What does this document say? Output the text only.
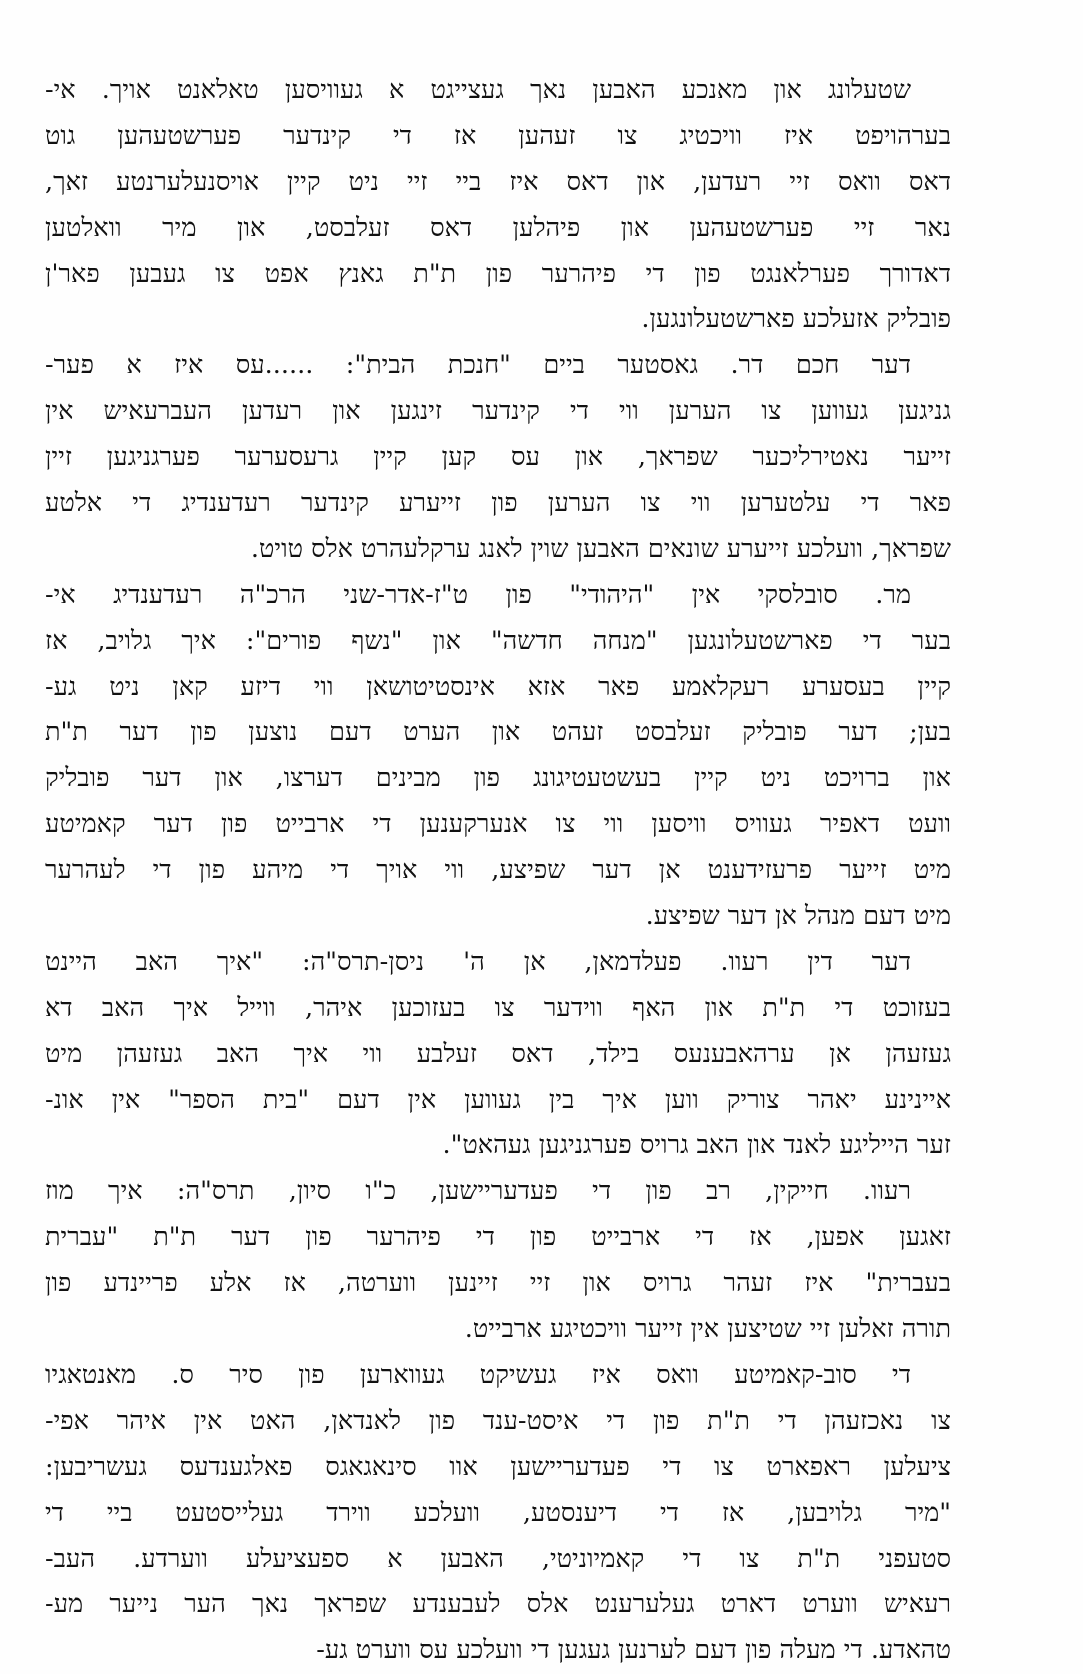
שטעלונג און מאנכע האבען נאך געצייגט א געוויסען טאלאנט אויך. אי-
בערהויפט איז וויכטיג צו זעהען אז די קינדער פערשטעהען גוט
דאס וואס זיי רעדען, און דאס איז ביי זיי ניט קיין אויסנעלערנטע זאך,
נאר זיי פערשטעהען און פיהלען דאס זעלבסט, און מיר וואלטען
דאדורך פערלאנגט פון די פיהרער פון ת"ת גאנץ אפט צו געבען פאר'ן
פובליק אזעלכע פארשטעלונגען.
דער חכם דר. גאסטער ביים "חנכת הבית": ......עס איז א פער-
גניגען געווען צו הערען ווי די קינדער זינגען און רעדען העברעאיש אין
זייער נאטירליכער שפראך, און עס קען קיין גרעסערער פערגניגען זיין
פאר די עלטערען ווי צו הערען פון זייערע קינדער רעדענדיג די אלטע
שפראך, וועלכע זייערע שונאים האבען שוין לאנג ערקלעהרט אלס טויט.
מר. סובלסקי אין "היהודי" פון ט"ז-אדר-שני הרכ"ה רעדענדיג אי-
בער די פארשטעלונגען "מנחה חדשה" און "נשף פורים": איך גלויב, אז
קיין בעסערע רעקלאמע פאר אזא אינסטיטושאן ווי דיזע קאן ניט גע-
בען; דער פובליק זעלבסט זעהט און הערט דעם נוצען פון דער ת"ת
און ברויכט ניט קיין בעשטעטיגונג פון מבינים דערצו, און דער פובליק
וועט דאפיר געוויס וויסען ווי צו אנערקענען די ארבייט פון דער קאמיטע
מיט זייער פרעזידענט אן דער שפיצע, ווי אויך די מיהע פון די לעהרער
מיט דעם מנהל אן דער שפיצע.
דער דין רעוו. פעלדמאן, אן ה' ניסן-תרס"ה: "איך האב היינט
בעזוכט די ת"ת און האף ווידער צו בעזוכען איהר, ווייל איך האב דא
געזעהן אן ערהאבענעס בילד, דאס זעלבע ווי איך האב געזעהן מיט
איינינע יאהר צוריק ווען איך בין געווען אין דעם "בית הספר" אין אונ-
זער הייליגע לאנד און האב גרויס פערגניגען געהאט".
רעוו. חייקין, רב פון די פעדעריישען, כ"ו סיון, תרס"ה: איך מוז
זאגען אפען, אז די ארבייט פון די פיהרער פון דער ת"ת "עברית
בעברית" איז זעהר גרויס און זיי זיינען ווערטה, אז אלע פריינדע פון
תורה זאלען זיי שטיצען אין זייער וויכטיגע ארבייט.
די סוב-קאמיטע וואס איז געשיקט געווארען פון סיר ס. מאנטאגיו
צו נאכזעהן די ת"ת פון די איסט-ענד פון לאנדאן, האט אין איהר אפי-
ציעלען ראפארט צו די פעדעריישען אוו סינאגאגס פאלגענדעס געשריבען:
"מיר גלויבען, אז די דיענסטע, וועלכע ווירד געלייסטעט ביי די
סטעפני ת"ת צו די קאמיוניטי, האבען א ספעציעלע ווערדע. העב-
רעאיש ווערט דארט געלערענט אלס לעבענדע שפראך נאך הער נייער מע-
טהאדע. די מעלה פון דעם לערנען געגען די וועלכע עס ווערט גע-
